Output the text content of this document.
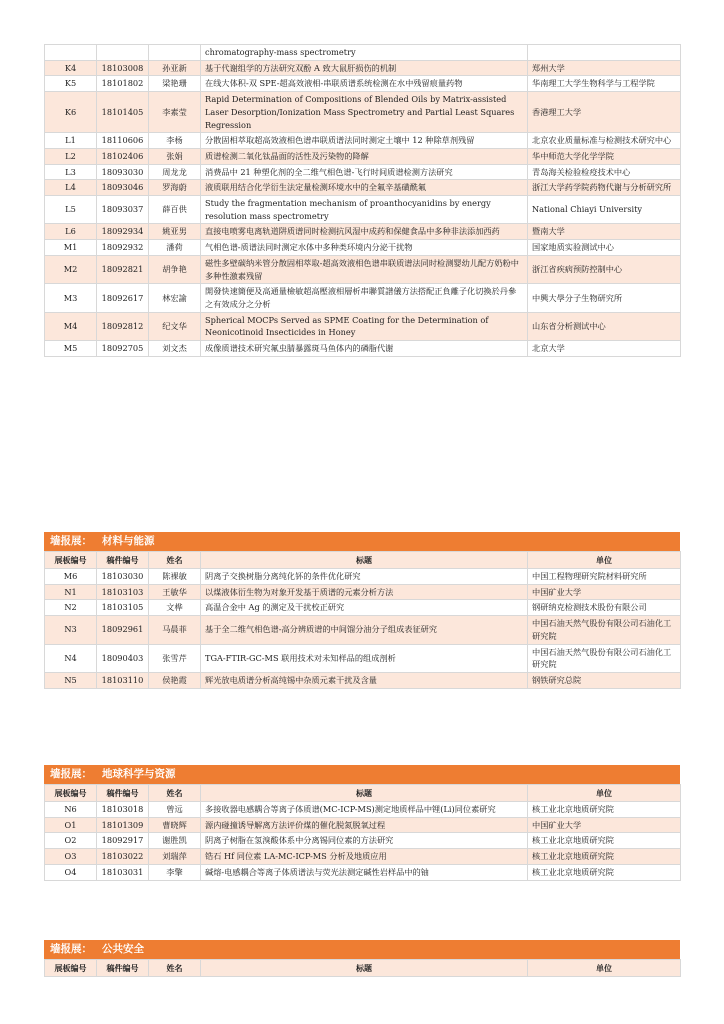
			chromatography-mass spectrometry	
K4	18103008	孙亚新	基于代谢组学的方法研究双酚 A 致大鼠肝损伤的机制	郑州大学
K5	18101802	梁艳珊	在线大体积-双 SPE-超高效液相-串联质谱系统检测在水中残留痕量药物	华南理工大学生物科学与工程学院
K6	18101405	李素莹	Rapid Determination of Compositions of Blended Oils by Matrix-assisted Laser Desorption/Ionization Mass Spectrometry and Partial Least Squares Regression	香港理工大学
L1	18110606	李杨	分散固相萃取超高效液相色谱串联质谱法同时测定土壤中 12 种除草剂残留	北京农业质量标准与检测技术研究中心
L2	18102406	张娟	质谱检测二氧化钛晶面的活性及污染物的降解	华中师范大学化学学院
L3	18093030	周龙龙	消费品中 21 种塑化剂的全二维气相色谱-飞行时间质谱检测方法研究	青岛海关检验检疫技术中心
L4	18093046	罗海蔚	液质联用结合化学衍生法定量检测环境水中的全氟辛基磺酰氟	浙江大学药学院药物代谢与分析研究所
L5	18093037	薛百供	Study the fragmentation mechanism of proanthocyanidins by energy resolution mass spectrometry	National Chiayi University
L6	18092934	姚亚男	直接电喷雾电离轨道阱质谱同时检测抗风湿中成药和保健食品中多种非法添加西药	暨南大学
M1	18092932	潘荷	气相色谱-质谱法同时测定水体中多种类环境内分泌干扰物	国家地质实验测试中心
M2	18092821	胡争艳	磁性多壁碳纳米管分散固相萃取-超高效液相色谱串联质谱法同时检测婴幼儿配方奶粉中多种性激素残留	浙江省疾病预防控制中心
M3	18092617	林宏諭	開發快速簡便及高通量檢敏超高壓液相層析串聯質譜儀方法搭配正負離子化切換於丹參之有效成分之分析	中興大學分子生物研究所
M4	18092812	纪文华	Spherical MOCPs Served as SPME Coating for the Determination of Neonicotinoid Insecticides in Honey	山东省分析测试中心
M5	18092705	刘文杰	成像质谱技术研究氟虫腈暴露斑马鱼体内的磷脂代谢	北京大学
墙报展： 材料与能源
展板编号	稿件编号	姓名	标题	单位
M6	18103030	陈裸敏	阴离子交换树脂分离纯化钚的条件优化研究	中国工程物理研究院材料研究所
N1	18103103	王敏华	以煤液体衍生物为对象开发基于质谱的元素分析方法	中国矿业大学
N2	18103105	文桦	高温合金中 Ag 的测定及干扰校正研究	钢研纳克检测技术股份有限公司
N3	18092961	马晨菲	基于全二维气相色谱-高分辨质谱的中间馏分油分子组成表征研究	中国石油天然气股份有限公司石油化工研究院
N4	18090403	张雪芹	TGA-FTIR-GC-MS 联用技术对未知样品的组成剖析	中国石油天然气股份有限公司石油化工研究院
N5	18103110	侯艳霞	辉光放电质谱分析高纯锡中杂质元素干扰及含量	钢铁研究总院
墙报展： 地球科学与资源
展板编号	稿件编号	姓名	标题	单位
N6	18103018	曾远	多接收器电感耦合等离子体质谱(MC-ICP-MS)测定地质样品中锂(Li)同位素研究	核工业北京地质研究院
O1	18101309	曹晓辉	源内碰撞诱导解离方法评价煤的催化脱氮脱氧过程	中国矿业大学
O2	18092917	谢胜凯	阴离子树脂在氢溴酸体系中分离锡同位素的方法研究	核工业北京地质研究院
O3	18103022	刘瑞萍	锆石 Hf 同位素 LA-MC-ICP-MS 分析及地质应用	核工业北京地质研究院
O4	18103031	李擎	碱熔-电感耦合等离子体质谱法与荧光法测定碱性岩样品中的铀	核工业北京地质研究院
墙报展： 公共安全
展板编号	稿件编号	姓名	标题	单位
